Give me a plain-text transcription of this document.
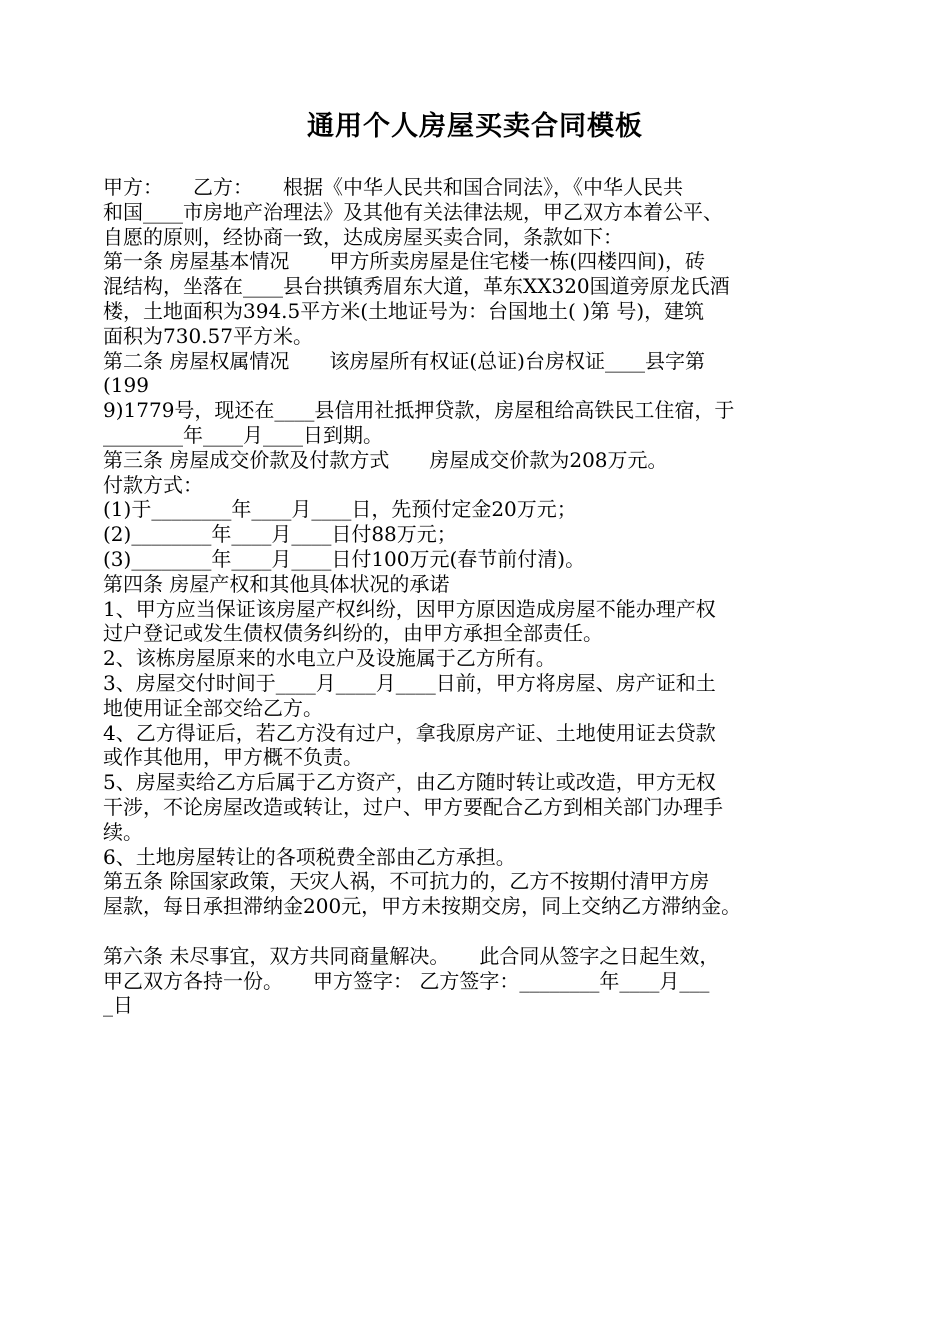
通用个人房屋买卖合同模板
甲方：　　乙方：　　根据《中华人民共和国合同法》，《中华人民共
和国____市房地产治理法》及其他有关法律法规，甲乙双方本着公平、
自愿的原则，经协商一致，达成房屋买卖合同，条款如下：
第一条 房屋基本情况　　甲方所卖房屋是住宅楼一栋(四楼四间)，砖
混结构，坐落在____县台拱镇秀眉东大道，革东XX320国道旁原龙氏酒
楼，土地面积为394.5平方米(土地证号为：台国地土( )第 号)，建筑
面积为730.57平方米。
第二条 房屋权属情况　　该房屋所有权证(总证)台房权证____县字第
(199
9)1779号，现还在____县信用社抵押贷款，房屋租给高铁民工住宿，于
________年____月____日到期。
第三条 房屋成交价款及付款方式　　房屋成交价款为208万元。
付款方式：
(1)于________年____月____日，先预付定金20万元；
(2)________年____月____日付88万元；
(3)________年____月____日付100万元(春节前付清)。
第四条 房屋产权和其他具体状况的承诺
1、甲方应当保证该房屋产权纠纷，因甲方原因造成房屋不能办理产权
过户登记或发生债权债务纠纷的，由甲方承担全部责任。
2、该栋房屋原来的水电立户及设施属于乙方所有。
3、房屋交付时间于____月____月____日前，甲方将房屋、房产证和土
地使用证全部交给乙方。
4、乙方得证后，若乙方没有过户，拿我原房产证、土地使用证去贷款
或作其他用，甲方概不负责。
5、房屋卖给乙方后属于乙方资产，由乙方随时转让或改造，甲方无权
干涉，不论房屋改造或转让，过户、甲方要配合乙方到相关部门办理手
续。
6、土地房屋转让的各项税费全部由乙方承担。
第五条 除国家政策，天灾人祸，不可抗力的，乙方不按期付清甲方房
屋款，每日承担滞纳金200元，甲方未按期交房，同上交纳乙方滞纳金。
第六条 未尽事宜，双方共同商量解决。　　此合同从签字之日起生效，
甲乙双方各持一份。　　甲方签字： 乙方签字：________年____月___
_日
